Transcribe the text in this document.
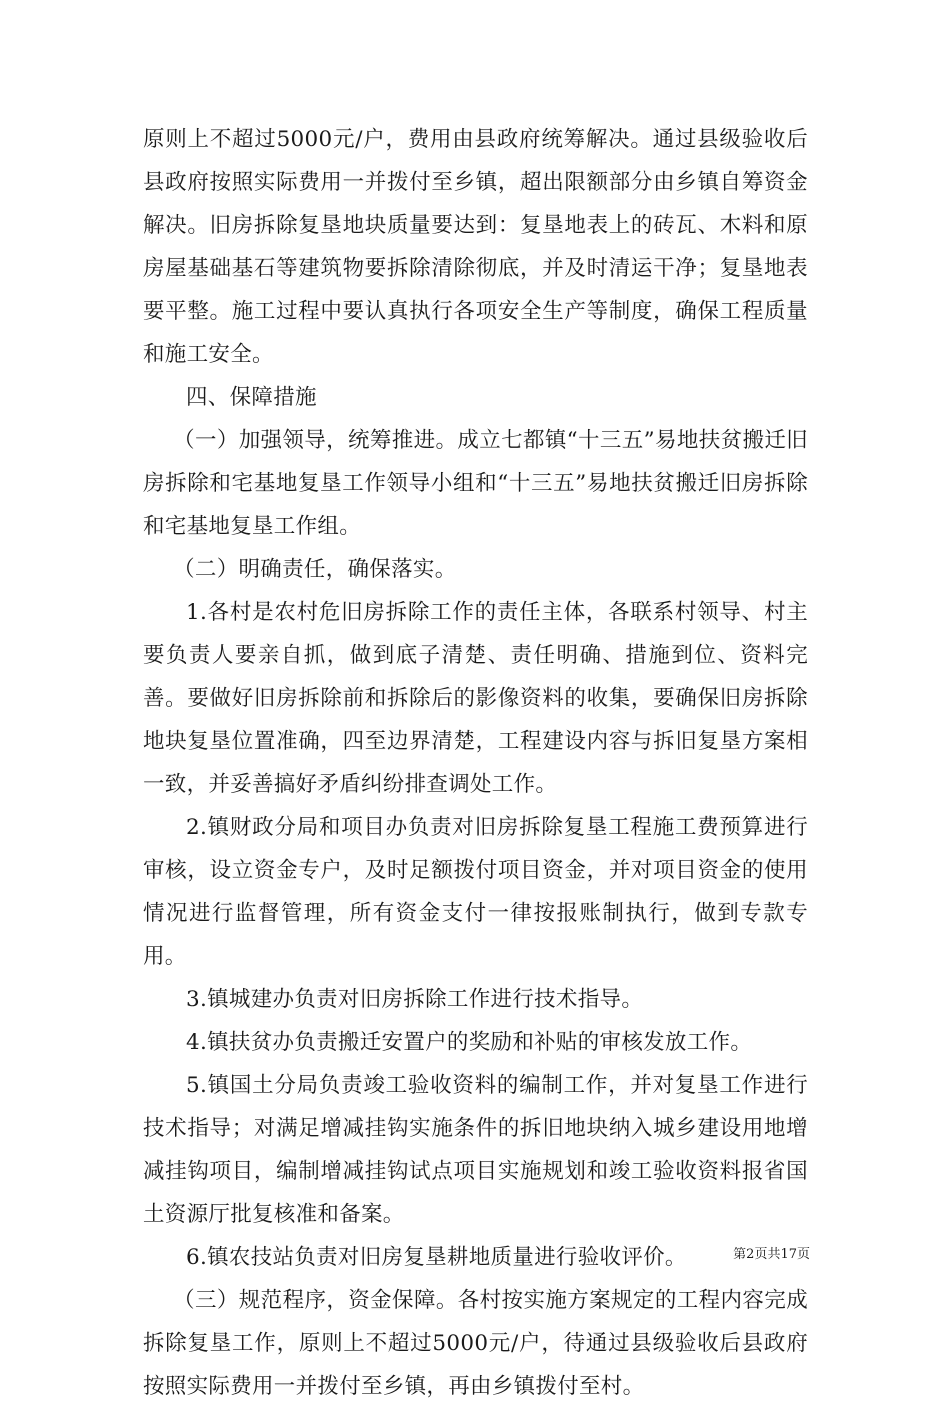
原则上不超过5000元/户，费用由县政府统筹解决。通过县级验收后县政府按照实际费用一并拨付至乡镇，超出限额部分由乡镇自筹资金解决。旧房拆除复垦地块质量要达到：复垦地表上的砖瓦、木料和原房屋基础基石等建筑物要拆除清除彻底，并及时清运干净；复垦地表要平整。施工过程中要认真执行各项安全生产等制度，确保工程质量和施工安全。

四、保障措施

（一）加强领导，统筹推进。成立七都镇“十三五”易地扶贫搬迁旧房拆除和宅基地复垦工作领导小组和“十三五”易地扶贫搬迁旧房拆除和宅基地复垦工作组。

（二）明确责任，确保落实。

1.各村是农村危旧房拆除工作的责任主体，各联系村领导、村主要负责人要亲自抓，做到底子清楚、责任明确、措施到位、资料完善。要做好旧房拆除前和拆除后的影像资料的收集，要确保旧房拆除地块复垦位置准确，四至边界清楚，工程建设内容与拆旧复垦方案相一致，并妥善搞好矛盾纠纷排查调处工作。

2.镇财政分局和项目办负责对旧房拆除复垦工程施工费预算进行审核，设立资金专户，及时足额拨付项目资金，并对项目资金的使用情况进行监督管理，所有资金支付一律按报账制执行，做到专款专用。

3.镇城建办负责对旧房拆除工作进行技术指导。

4.镇扶贫办负责搬迁安置户的奖励和补贴的审核发放工作。

5.镇国土分局负责竣工验收资料的编制工作，并对复垦工作进行技术指导；对满足增减挂钩实施条件的拆旧地块纳入城乡建设用地增减挂钩项目，编制增减挂钩试点项目实施规划和竣工验收资料报省国土资源厅批复核准和备案。

6.镇农技站负责对旧房复垦耕地质量进行验收评价。

（三）规范程序，资金保障。各村按实施方案规定的工程内容完成拆除复垦工作，原则上不超过5000元/户，待通过县级验收后县政府按照实际费用一并拨付至乡镇，再由乡镇拨付至村。

第2页共17页
